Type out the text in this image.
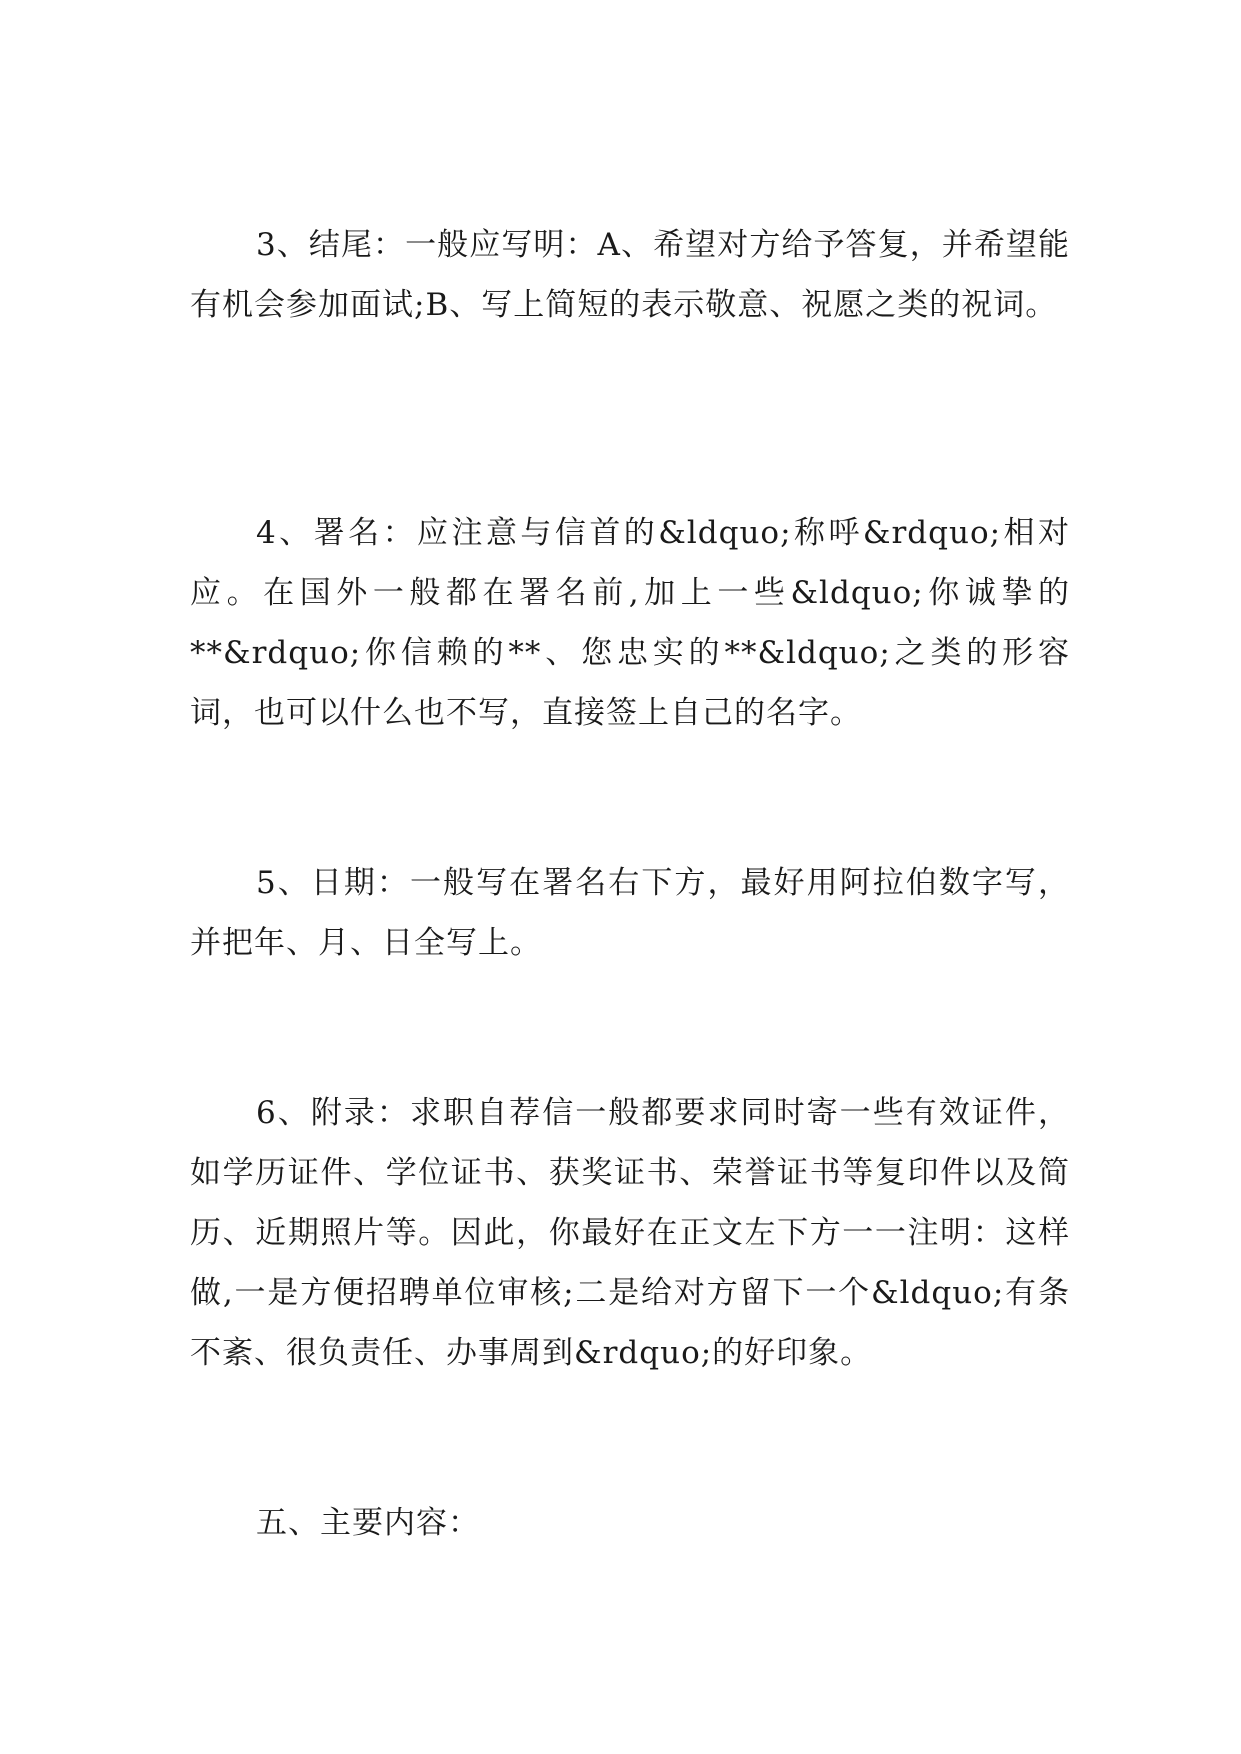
3、结尾：一般应写明：A、希望对方给予答复，并希望能有机会参加面试;B、写上简短的表示敬意、祝愿之类的祝词。

4、署名：应注意与信首的&ldquo;称呼&rdquo;相对应。在国外一般都在署名前,加上一些&ldquo;你诚挚的**&rdquo;你信赖的**、您忠实的**&ldquo;之类的形容词，也可以什么也不写，直接签上自己的名字。

5、日期：一般写在署名右下方，最好用阿拉伯数字写，并把年、月、日全写上。

6、附录：求职自荐信一般都要求同时寄一些有效证件，如学历证件、学位证书、获奖证书、荣誉证书等复印件以及简历、近期照片等。因此，你最好在正文左下方一一注明：这样做,一是方便招聘单位审核;二是给对方留下一个&ldquo;有条不紊、很负责任、办事周到&rdquo;的好印象。

五、主要内容：
